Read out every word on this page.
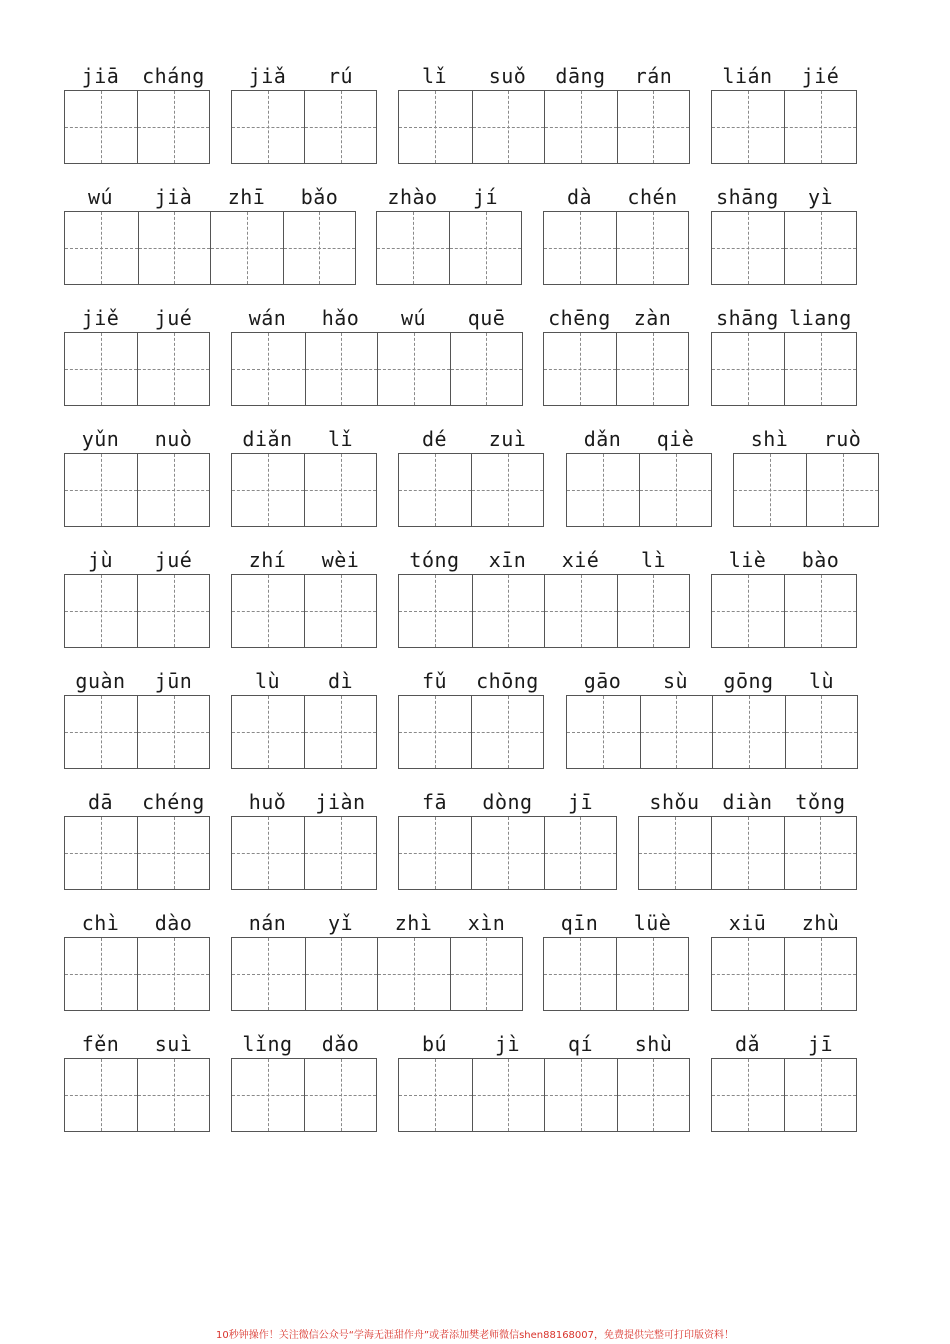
jiā	cháng	jiǎ	rú	lǐ	suǒ	dāng	rán	lián	jié
wú	jià	zhī	bǎo	zhào	jí	dà	chén	shāng	yì
jiě	jué	wán	hǎo	wú	quē	chēng	zàn	shāng liang
yǔn	nuò	diǎn	lǐ	dé	zuì	dǎn	qiè	shì	ruò
jù	jué	zhí	wèi	tóng	xīn	xié	lì	liè	bào
guàn	jūn	lù	dì	fǔ	chōng	gāo	sù	gōng	lù
dā	chéng	huǒ	jiàn	fā	dòng	jī	shǒu	diàn	tǒng
chì	dào	nán	yǐ	zhì	xìn	qīn	lüè	xiū	zhù
fěn	suì	lǐng	dǎo	bú	jì	qí	shù	dǎ	jī
10秒钟操作！关注微信公众号“学海无涯甜作舟”或者添加樊老师微信shen88168007，免费提供完整可打印版资料！
